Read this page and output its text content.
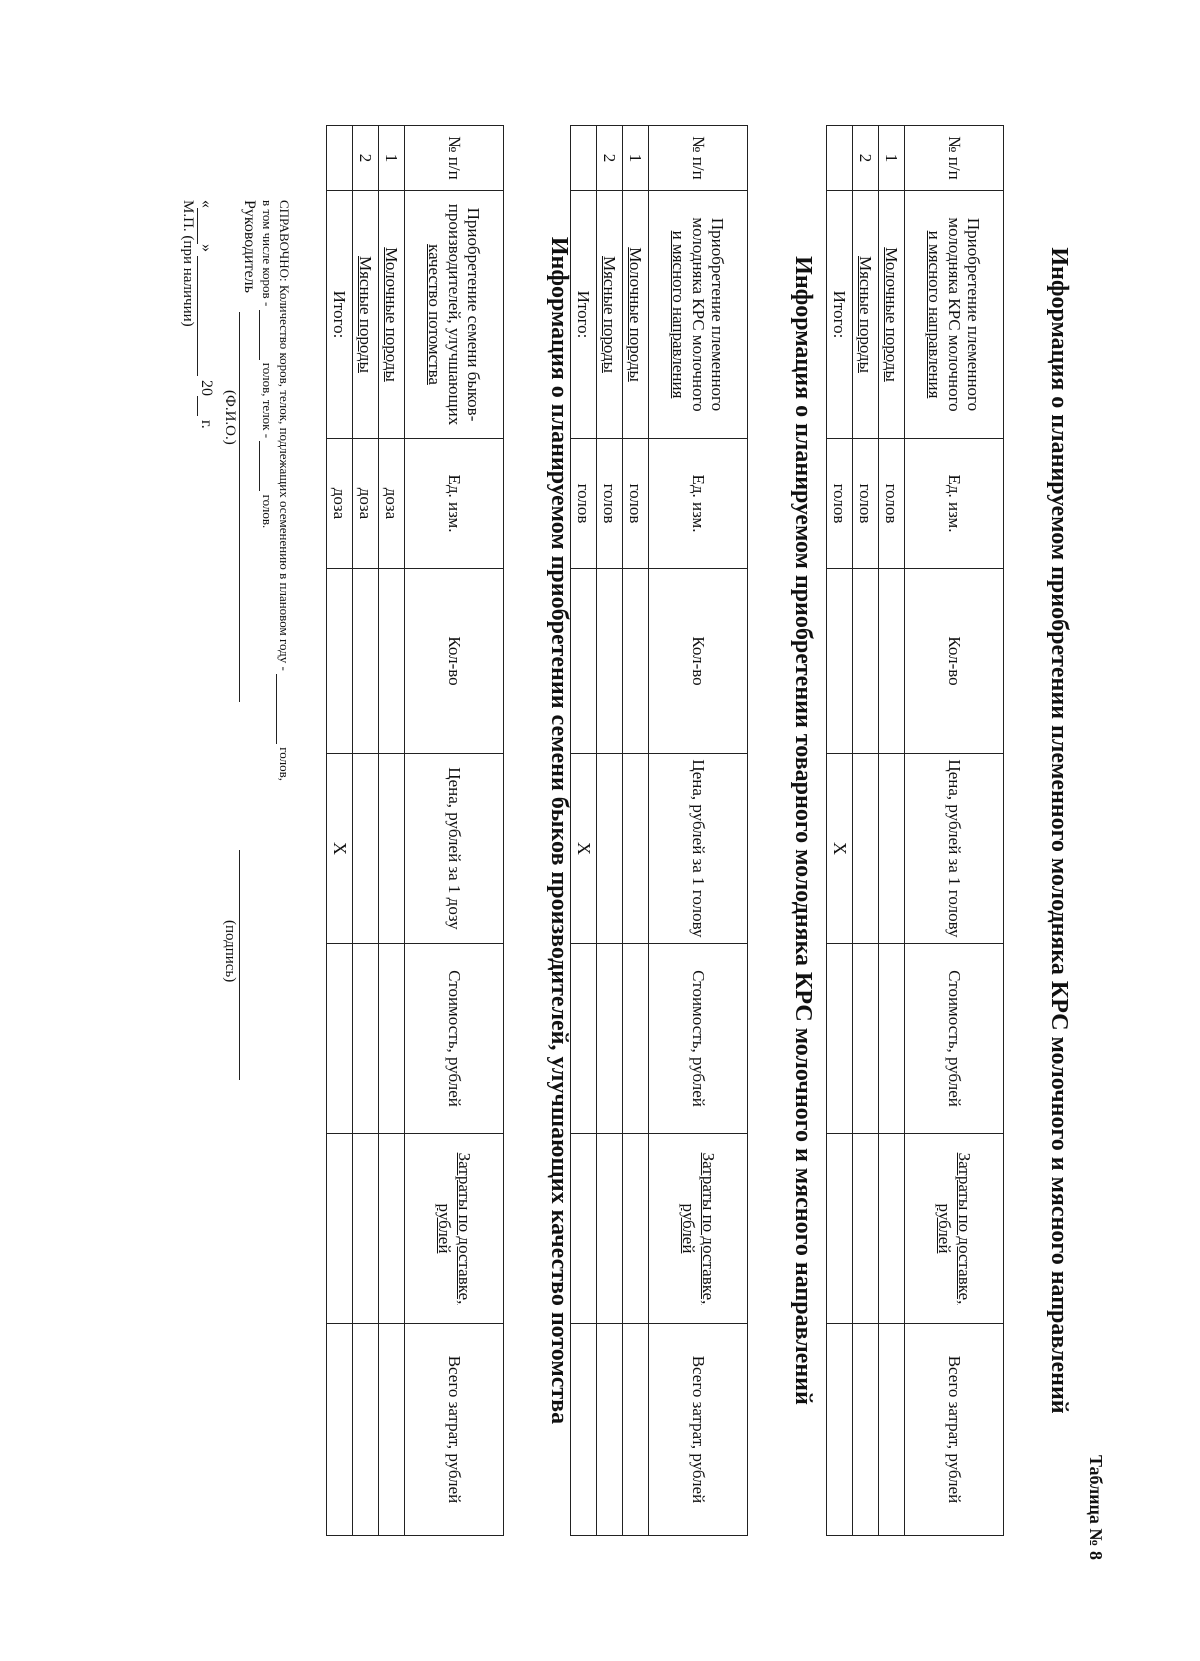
Таблица № 8
Информация о планируемом приобретении племенного молодняка КРС молочного и мясного направлений
№ п/п	Приобретение племенного
молодняка КРС молочного
и мясного направления	Ед. изм.	Кол-во	Цена, рублей за 1 голову	Стоимость, рублей	Затраты по доставке, рублей	Всего затрат, рублей
1	Молочные породы	голов					
2	Мясные породы	голов					
	Итого:	голов		X			
Информация о планируемом приобретении товарного молодняка КРС молочного и мясного направлений
№ п/п	Приобретение племенного
молодняка КРС молочного
и мясного направления	Ед. изм.	Кол-во	Цена, рублей за 1 голову	Стоимость, рублей	Затраты по доставке, рублей	Всего затрат, рублей
1	Молочные породы	голов					
2	Мясные породы	голов					
	Итого:	голов		X			
Информация о планируемом приобретении семени быков производителей, улучшающих качество потомства
№ п/п	Приобретение семени быков-
производителей, улучшающих
качество потомства	Ед. изм.	Кол-во	Цена, рублей за 1 дозу	Стоимость, рублей	Затраты по доставке, рублей	Всего затрат, рублей
1	Молочные породы	доза					
2	Мясные породы	доза					
	Итого:	доза		X			
СПРАВОЧНО: Количество коров, телок, подлежащих осеменению в плановом году -  голов,
в том числе коров -  голов, телок -  голов.
Руководитель
(Ф.И.О.)
(подпись)
«»  20 г.
М.П. (при наличии)
